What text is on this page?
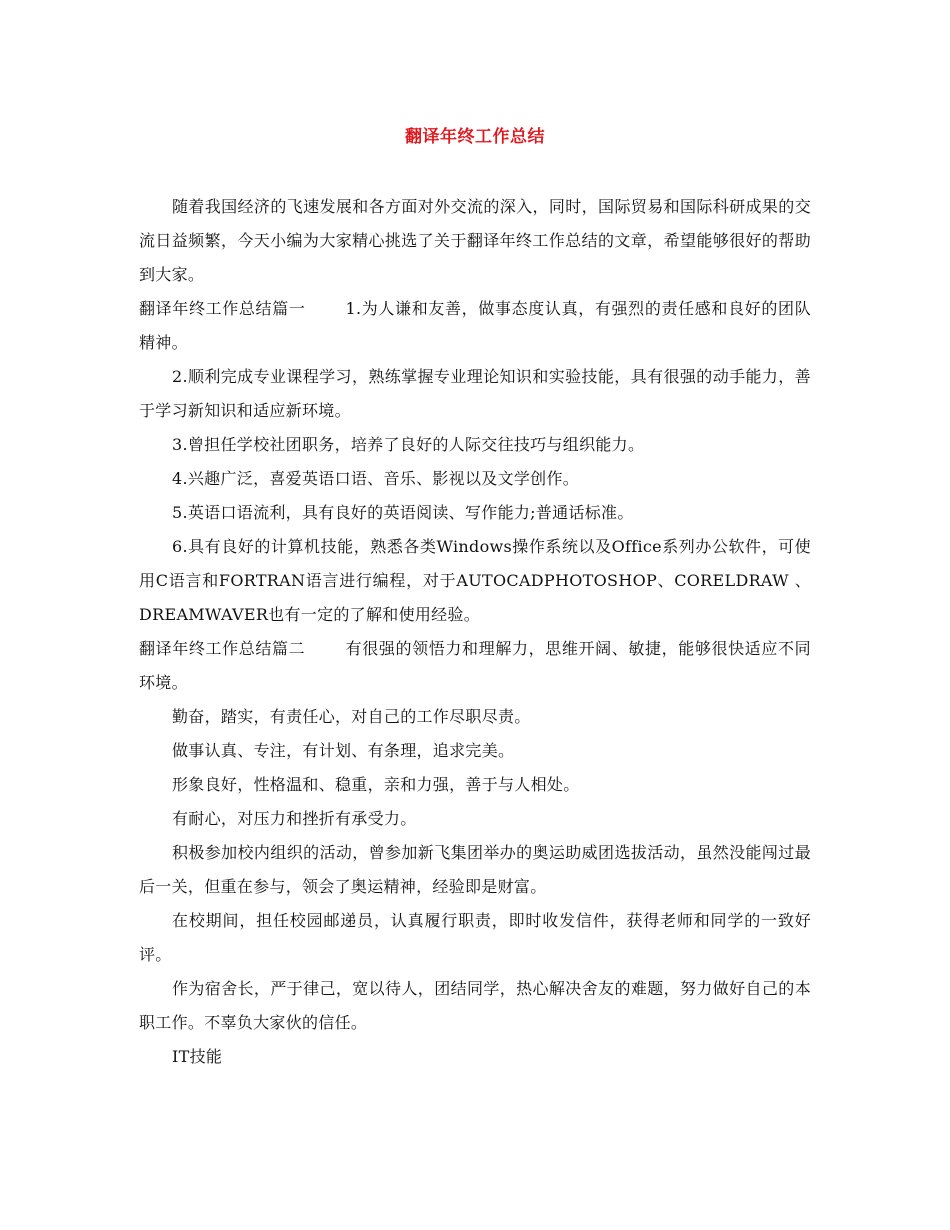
翻译年终工作总结

随着我国经济的飞速发展和各方面对外交流的深入，同时，国际贸易和国际科研成果的交流日益频繁，今天小编为大家精心挑选了关于翻译年终工作总结的文章，希望能够很好的帮助到大家。

翻译年终工作总结篇一	1.为人谦和友善，做事态度认真，有强烈的责任感和良好的团队精神。

2.顺利完成专业课程学习，熟练掌握专业理论知识和实验技能，具有很强的动手能力，善于学习新知识和适应新环境。

3.曾担任学校社团职务，培养了良好的人际交往技巧与组织能力。

4.兴趣广泛，喜爱英语口语、音乐、影视以及文学创作。

5.英语口语流利，具有良好的英语阅读、写作能力;普通话标准。

6.具有良好的计算机技能，熟悉各类Windows操作系统以及Office系列办公软件，可使用C语言和FORTRAN语言进行编程，对于AUTOCADPHOTOSHOP、CORELDRAW 、DREAMWAVER也有一定的了解和使用经验。

翻译年终工作总结篇二	有很强的领悟力和理解力，思维开阔、敏捷，能够很快适应不同环境。

勤奋，踏实，有责任心，对自己的工作尽职尽责。

做事认真、专注，有计划、有条理，追求完美。

形象良好，性格温和、稳重，亲和力强，善于与人相处。

有耐心，对压力和挫折有承受力。

积极参加校内组织的活动，曾参加新飞集团举办的奥运助威团选拔活动，虽然没能闯过最后一关，但重在参与，领会了奥运精神，经验即是财富。

在校期间，担任校园邮递员，认真履行职责，即时收发信件，获得老师和同学的一致好评。

作为宿舍长，严于律己，宽以待人，团结同学，热心解决舍友的难题，努力做好自己的本职工作。不辜负大家伙的信任。

IT技能
